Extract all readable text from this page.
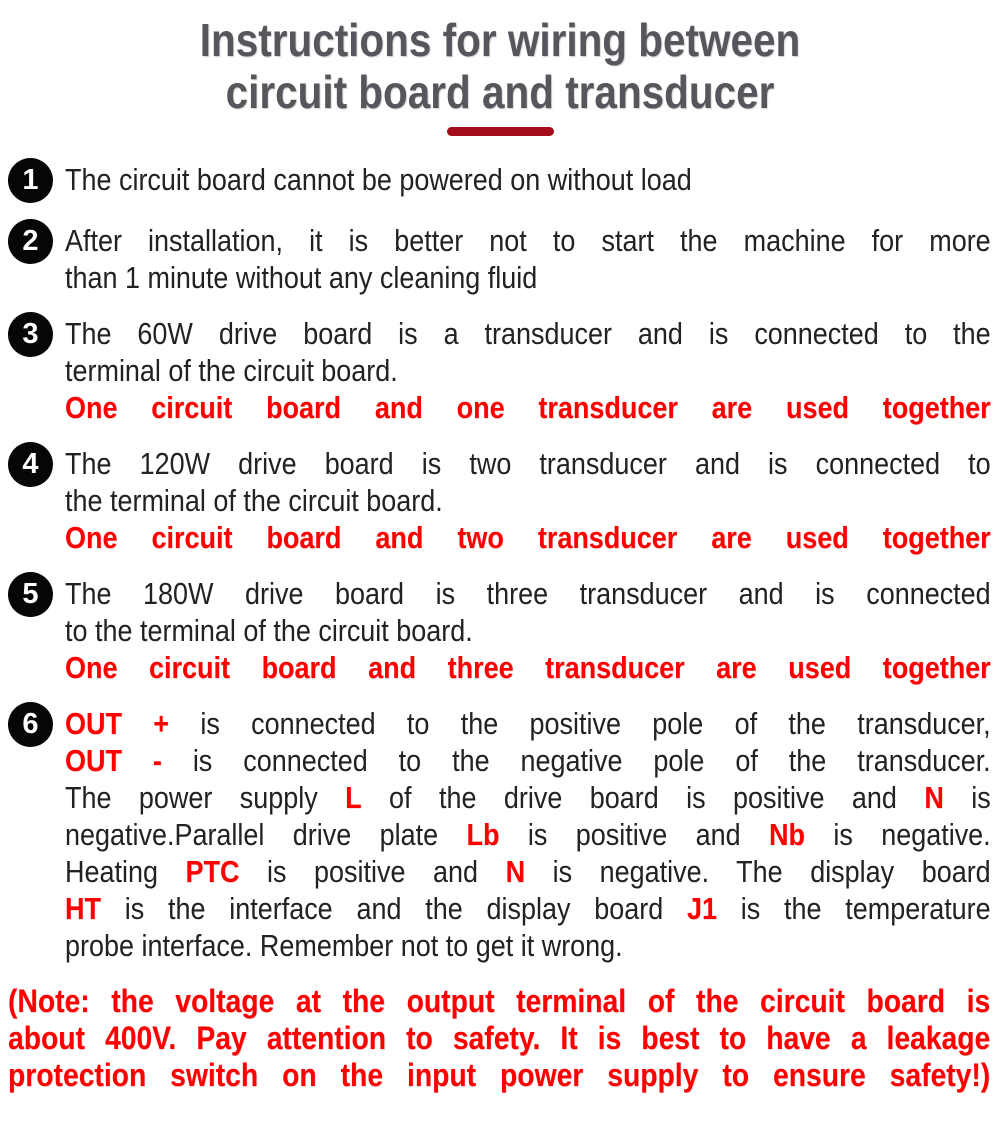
Instructions for wiring between
circuit board and transducer
1 The circuit board cannot be powered on without load
2 After installation, it is better not to start the machine for more
than 1 minute without any cleaning fluid
3 The 60W drive board is a transducer and is connected to the
terminal of the circuit board.
One circuit board and one transducer are used together
4 The 120W drive board is two transducer and is connected to
the terminal of the circuit board.
One circuit board and two transducer are used together
5 The 180W drive board is three transducer and is connected
to the terminal of the circuit board.
One circuit board and three transducer are used together
6 OUT + is connected to the positive pole of the transducer,
OUT - is connected to the negative pole of the transducer.
The power supply L of the drive board is positive and N is
negative.Parallel drive plate Lb is positive and Nb is negative.
Heating PTC is positive and N is negative. The display board
HT is the interface and the display board J1 is the temperature
probe interface. Remember not to get it wrong.
(Note: the voltage at the output terminal of the circuit board is
about 400V. Pay attention to safety. It is best to have a leakage
protection switch on the input power supply to ensure safety!)
